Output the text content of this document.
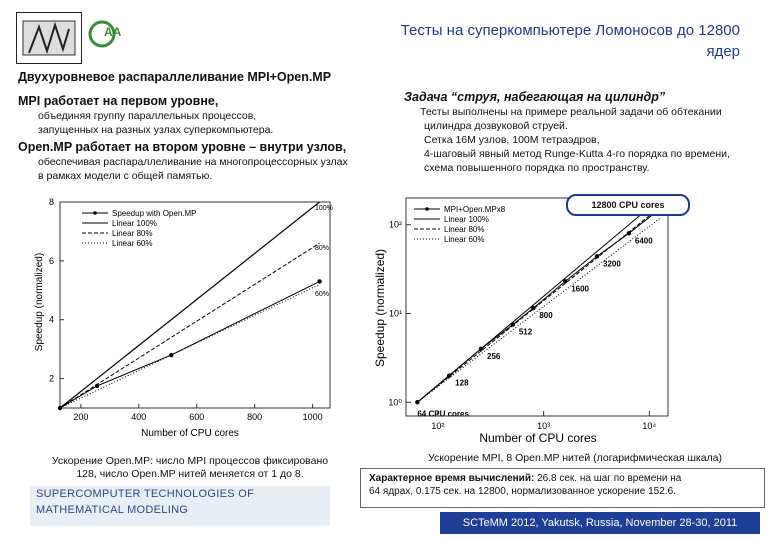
АА	Тесты на суперкомпьютере Ломоносов до 12800
ядер
Двухуровневое распараллеливание MPI+Open.MP
MPI работает на первом уровне,
объединяя группу параллельных процессов,
запущенных на разных узлах суперкомпьютера.
Open.MP работает на втором уровне – внутри узлов,
обеспечивая распараллеливание на многопроцессорных узлах
в рамках модели с общей памятью.
Задача “струя, набегающая на цилиндр”
Тесты выполнены на примере реальной задачи об обтекании
цилиндра дозвуковой струей.
Сетка 16М узлов, 100М тетраэдров,
4-шаговый явный метод Runge-Kutta 4-го порядка по времени,
схема повышенного порядка по пространству.
200	400	600	800	1000
2
4
6
8
Number of CPU cores
Speedup (normalized)
Speedup with Open.MP
Linear 100%
Linear 80%
Linear 60%
100%
80%
60%
10²	10³	10⁴
10⁰
10¹
10²
Number of CPU cores
Speedup (normalized)
MPI+Open.MPx8
Linear 100%
Linear 80%
Linear 60%
64 CPU cores
128
256
512
800
1600
3200
6400
12800 CPU cores
Ускорение Open.MP: число MPI процессов фиксировано
128, число Open.MP нитей меняется от 1 до 8.
Ускорение MPI, 8 Open.MP нитей (логарифмическая шкала)
Характерное время вычислений: 26.8 сек. на шаг по времени на
64 ядрах, 0.175 сек. на 12800, нормализованное ускорение 152.6.
SUPERCOMPUTER TECHNOLOGIES OF
MATHEMATICAL MODELING
SCTeMM 2012, Yakutsk, Russia, November 28-30, 2011
